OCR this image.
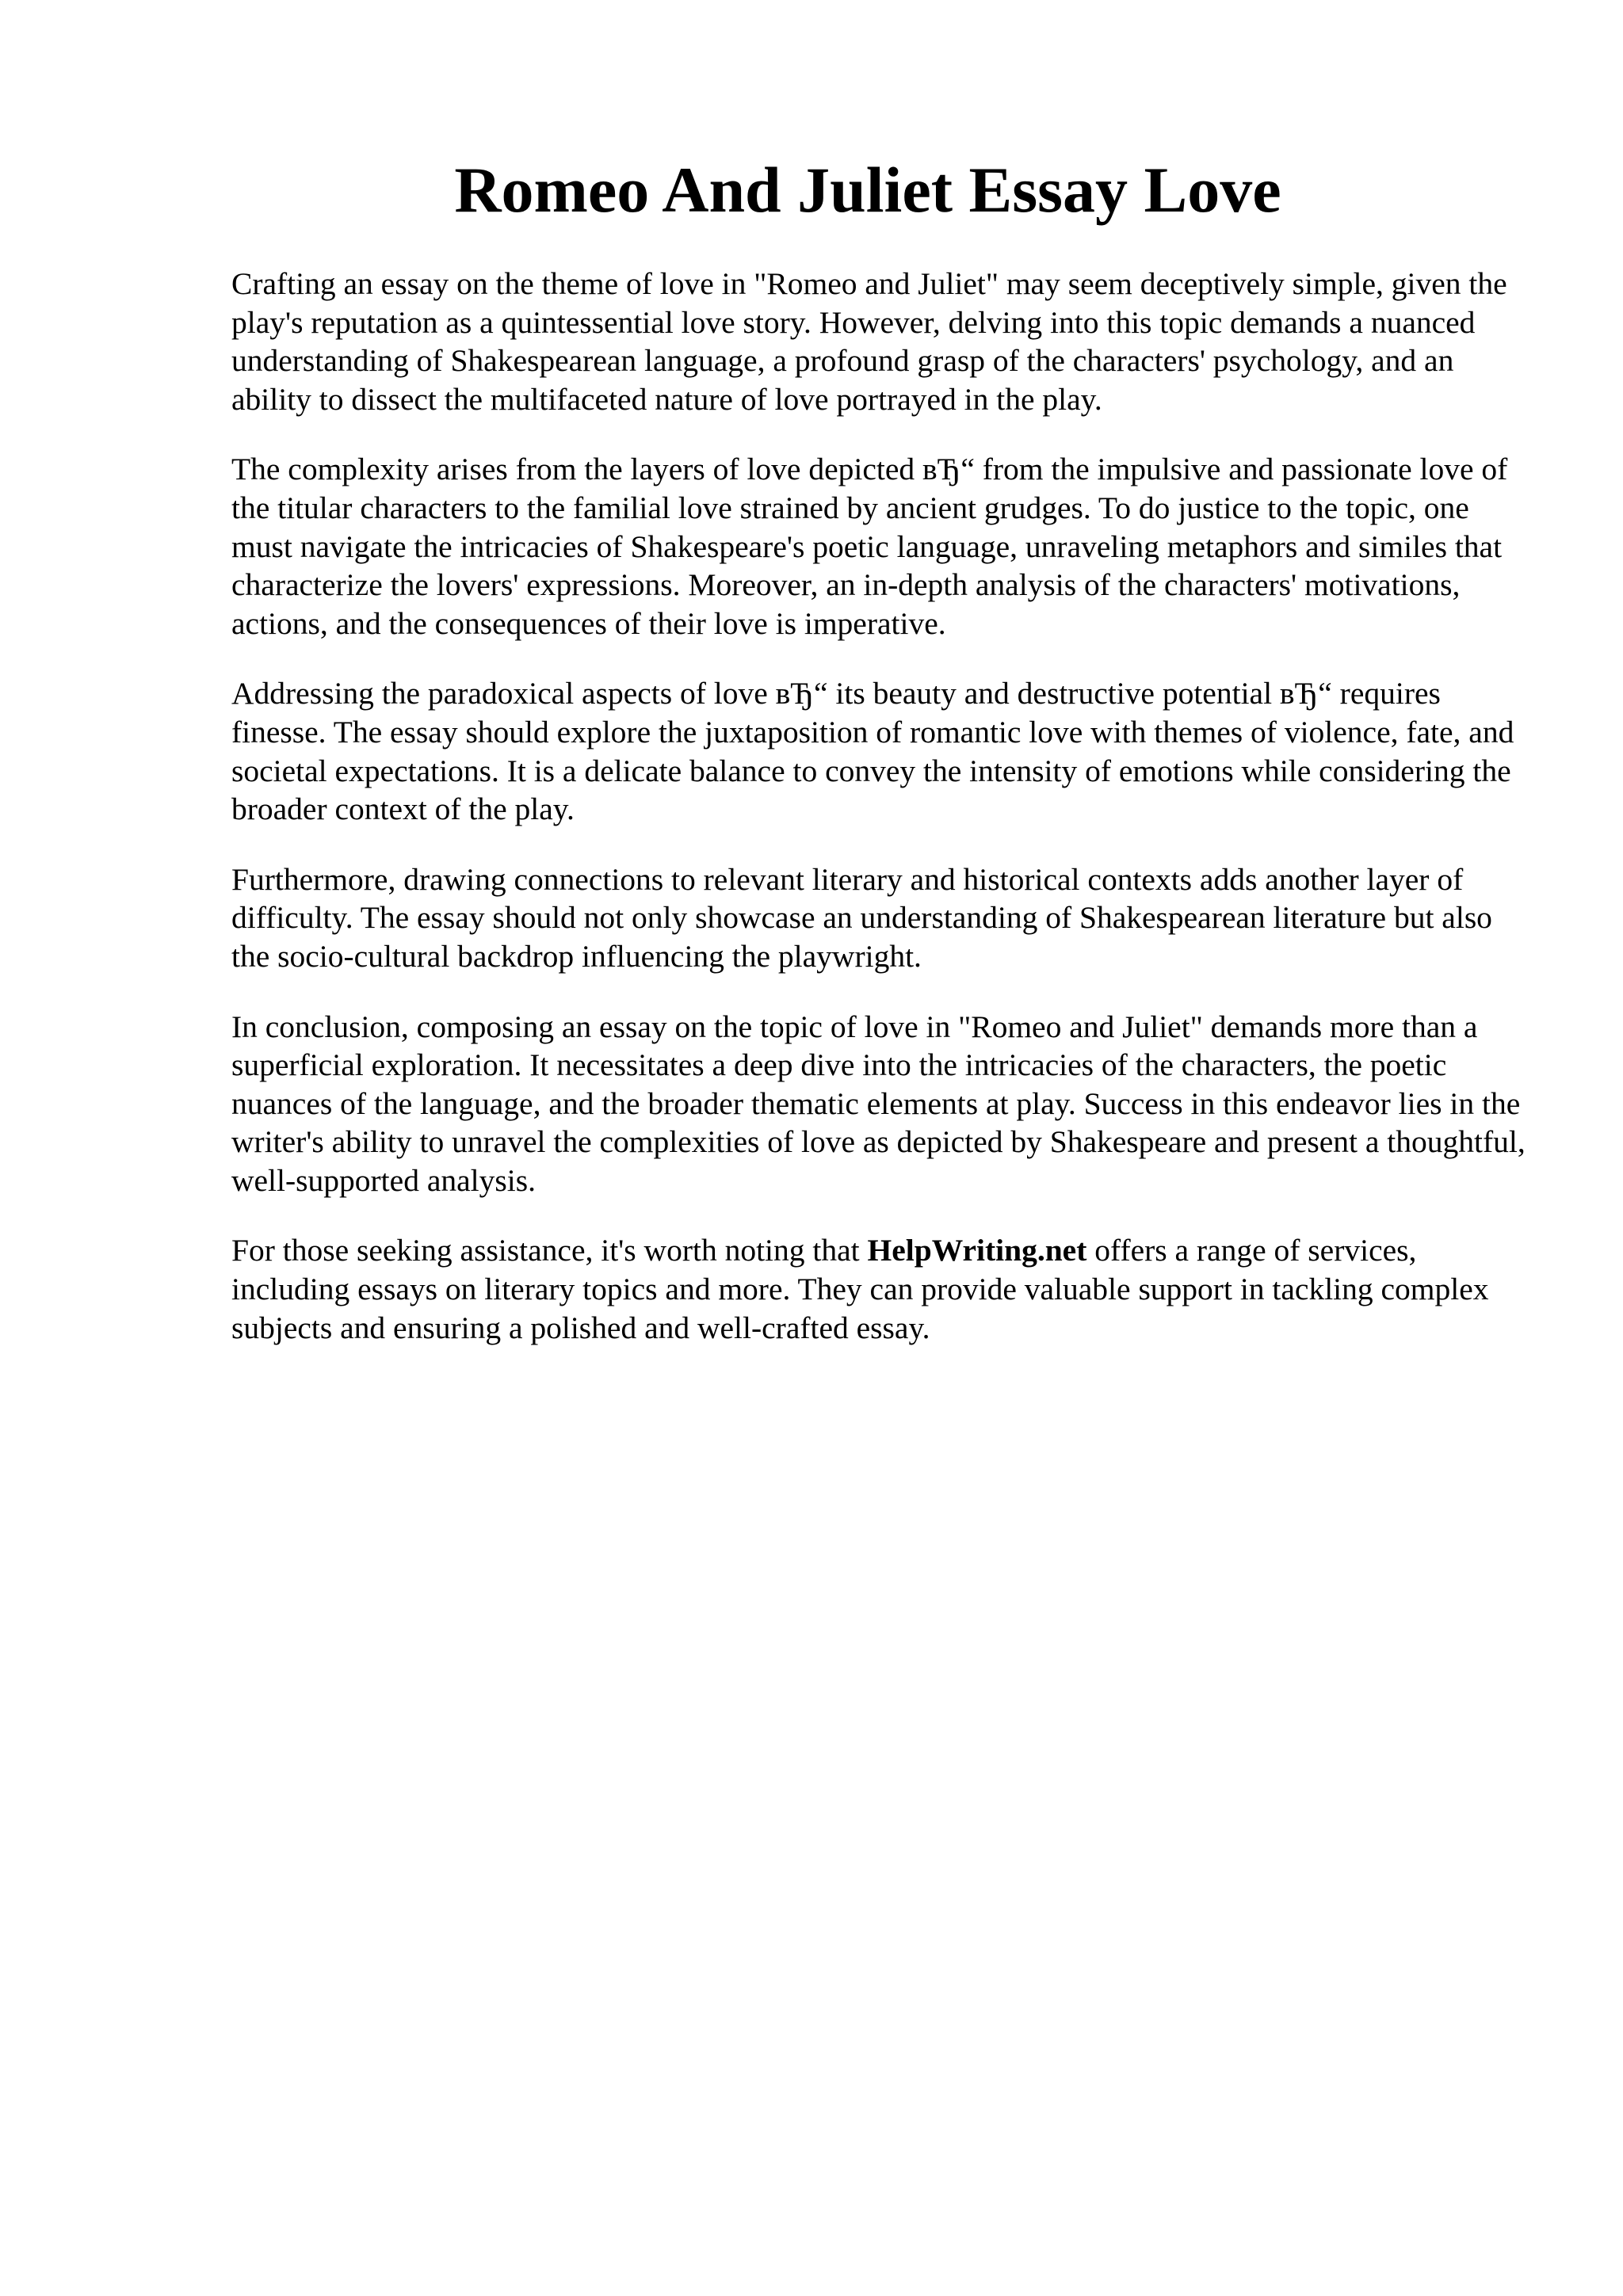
Romeo And Juliet Essay Love

Crafting an essay on the theme of love in "Romeo and Juliet" may seem deceptively simple, given the play's reputation as a quintessential love story. However, delving into this topic demands a nuanced understanding of Shakespearean language, a profound grasp of the characters' psychology, and an ability to dissect the multifaceted nature of love portrayed in the play.

The complexity arises from the layers of love depicted вЂ“ from the impulsive and passionate love of the titular characters to the familial love strained by ancient grudges. To do justice to the topic, one must navigate the intricacies of Shakespeare's poetic language, unraveling metaphors and similes that characterize the lovers' expressions. Moreover, an in-depth analysis of the characters' motivations, actions, and the consequences of their love is imperative.

Addressing the paradoxical aspects of love вЂ“ its beauty and destructive potential вЂ“ requires finesse. The essay should explore the juxtaposition of romantic love with themes of violence, fate, and societal expectations. It is a delicate balance to convey the intensity of emotions while considering the broader context of the play.

Furthermore, drawing connections to relevant literary and historical contexts adds another layer of difficulty. The essay should not only showcase an understanding of Shakespearean literature but also the socio-cultural backdrop influencing the playwright.

In conclusion, composing an essay on the topic of love in "Romeo and Juliet" demands more than a superficial exploration. It necessitates a deep dive into the intricacies of the characters, the poetic nuances of the language, and the broader thematic elements at play. Success in this endeavor lies in the writer's ability to unravel the complexities of love as depicted by Shakespeare and present a thoughtful, well-supported analysis.

For those seeking assistance, it's worth noting that HelpWriting.net offers a range of services, including essays on literary topics and more. They can provide valuable support in tackling complex subjects and ensuring a polished and well-crafted essay.
